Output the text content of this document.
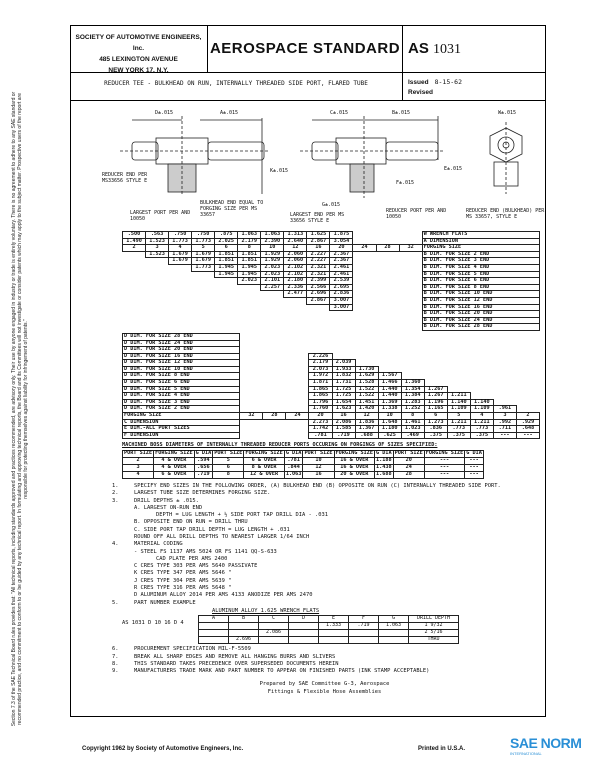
Section 7.3 of the SAE Technical Board rules provides that: "All technical reports, including standards approved and practices recommended, are advisory only. Their use by anyone engaged in industry or trade is entirely voluntary. There is no agreement to adhere to any SAE standard or recommended practice, and no commitment to conform to or be guided by any technical report. In formulating and approving technical reports, the Board and its Committees will not investigate or consider patents which may apply to the subject matter. Prospective users of the report are responsible for protecting themselves against liability for infringement of patents."
SOCIETY OF AUTOMOTIVE ENGINEERS, Inc.
485 LEXINGTON AVENUE
NEW YORK 17, N.Y.
AEROSPACE STANDARD AS 1031
REDUCER TEE - BULKHEAD ON RUN, INTERNALLY THREADED SIDE PORT, FLARED TUBE	Issued 8-15-62
Revised
D±.015	A±.015	C±.015	B±.015	W±.015
K±.015	E±.015
F±.015
G±.015
REDUCER END PER MS33656 STYLE E
LARGEST PORT PER AND 10050
BULKHEAD END EQUAL TO FORGING SIZE PER MS 33657	LARGEST END PER MS 33656 STYLE E
REDUCER PORT PER AND 10050
REDUCER END (BULKHEAD) PER MS 33657, STYLE E
.500	.563	.750	.750	.875	1.063	1.063	1.313	1.625	1.875				W WRENCH FLATS
1.490	1.523	1.773	1.773	2.025	2.179	2.390	2.640	2.867	3.054				A DIMENSION
2	3	4	5	6	8	10	12	16	20	24	28	32	FORGING SIZE
	1.523	1.679	1.679	1.851	1.851	1.929	2.060	2.227	2.367				B DIM. FOR SIZE 2 END
		1.679	1.679	1.851	1.851	1.929	2.060	2.227	2.367				B DIM. FOR SIZE 3 END
			1.773	1.945	1.945	2.023	2.102	2.321	2.461				B DIM. FOR SIZE 4 END
				1.945	1.945	2.023	2.102	2.321	2.461				B DIM. FOR SIZE 5 END
					2.023	2.101	2.180	2.399	2.539				B DIM. FOR SIZE 6 END
						2.257	2.336	2.566	2.695				B DIM. FOR SIZE 8 END
							2.477	2.696	2.836				B DIM. FOR SIZE 10 END
								2.867	3.007				B DIM. FOR SIZE 12 END
									3.007				B DIM. FOR SIZE 16 END
													B DIM. FOR SIZE 20 END
													B DIM. FOR SIZE 24 END
													B DIM. FOR SIZE 28 END
D DIM. FOR SIZE 28 END													
D DIM. FOR SIZE 24 END													
D DIM. FOR SIZE 20 END													
D DIM. FOR SIZE 16 END				2.226									
D DIM. FOR SIZE 12 END				2.179	2.039								
D DIM. FOR SIZE 10 END				2.073	1.933	1.730							
D DIM. FOR SIZE 8 END				1.972	1.832	1.629	1.567						
D DIM. FOR SIZE 6 END				1.871	1.731	1.528	1.466	1.360					
D DIM. FOR SIZE 5 END				1.865	1.725	1.522	1.440	1.354	1.267				
D DIM. FOR SIZE 4 END				1.865	1.725	1.522	1.440	1.384	1.267	1.211			
D DIM. FOR SIZE 3 END				1.796	1.654	1.451	1.369	1.283	1.196	1.140	1.140		
D DIM. FOR SIZE 2 END				1.760	1.623	1.420	1.338	1.252	1.165	1.109	1.109	.961	
FORGING SIZE	32	28	24	20	16	12	10	8	6	5	4	3	2
C DIMENSION				2.273	2.086	1.836	1.648	1.461	1.273	1.211	1.211	.992	.929
E DIM.-ALL PORT SIZES				1.742	1.585	1.367	1.180	1.023	.836	.773	.773	.711	.648
F DIMENSION				.781	.719	.688	.625	.469	.375	.375	.375	---	---
MACHINED BOSS DIAMETERS OF INTERNALLY THREADED REDUCER PORTS OCCURING ON FORGINGS OF SIZES SPECIFIED:
PORT SIZE	FORGING SIZE	G DIA	PORT SIZE	FORGING SIZE	G DIA	PORT SIZE	FORGING SIZE	G DIA	PORT SIZE	FORGING SIZE	G DIA
2	4 & OVER	.594	5	6 & OVER	.781	10	16 & OVER	1.188	20	---	---
3	4 & OVER	.656	6	8 & OVER	.844	12	16 & OVER	1.438	24	---	---
4	6 & OVER	.719	8	12 & OVER	1.063	16	20 & OVER	1.688	28	---	---
1.	SPECIFY END SIZES IN THE FOLLOWING ORDER, (A) BULKHEAD END (B) OPPOSITE ON RUN (C) INTERNALLY THREADED SIDE PORT.
2.	LARGEST TUBE SIZE DETERMINES FORGING SIZE.
3.	DRILL DEPTHS ± .015.
A. LARGEST ON-RUN END
DEPTH = LUG LENGTH + ½ SIDE PORT TAP DRILL DIA - .031
B. OPPOSITE END ON RUN = DRILL THRU
C. SIDE PORT TAP DRILL DEPTH = LUG LENGTH + .031
ROUND OFF ALL DRILL DEPTHS TO NEAREST LARGER 1/64 INCH
4.	MATERIAL CODING
- STEEL FS 1137 AMS 5024 OR FS 1141 QQ-S-633
CAD PLATE PER AMS 2400
C CRES TYPE 303 PER AMS 5640 PASSIVATE
K CRES TYPE 347 PER AMS 5646 "
J CRES TYPE 304 PER AMS 5639 "
R CRES TYPE 316 PER AMS 5648 "
D ALUMINUM ALLOY 2014 PER AMS 4133 ANODIZE PER AMS 2470
5.	PART NUMBER EXAMPLE
AS 1031 D 10 16 D 4
ALUMINUM ALLOY 1.625 WRENCH FLATS
A	B	C	D	E	F	G	DRILL DEPTH
				1.333	.719	1.063	1 9/32
		2.086					2 5/16
	2.696						THRU
6.	PROCUREMENT SPECIFICATION MIL-F-5509
7.	BREAK ALL SHARP EDGES AND REMOVE ALL HANGING BURRS AND SLIVERS
8.	THIS STANDARD TAKES PRECEDENCE OVER SUPERSEDED DOCUMENTS HEREIN
9.	MANUFACTURERS TRADE MARK AND PART NUMBER TO APPEAR ON FINISHED PARTS (INK STAMP ACCEPTABLE)
Prepared by SAE Committee G-3, Aerospace
Fittings & Flexible Hose Assemblies
Copyright 1962 by Society of Automotive Engineers, Inc.	Printed in U.S.A.	SAE NORM
INTERNATIONAL
